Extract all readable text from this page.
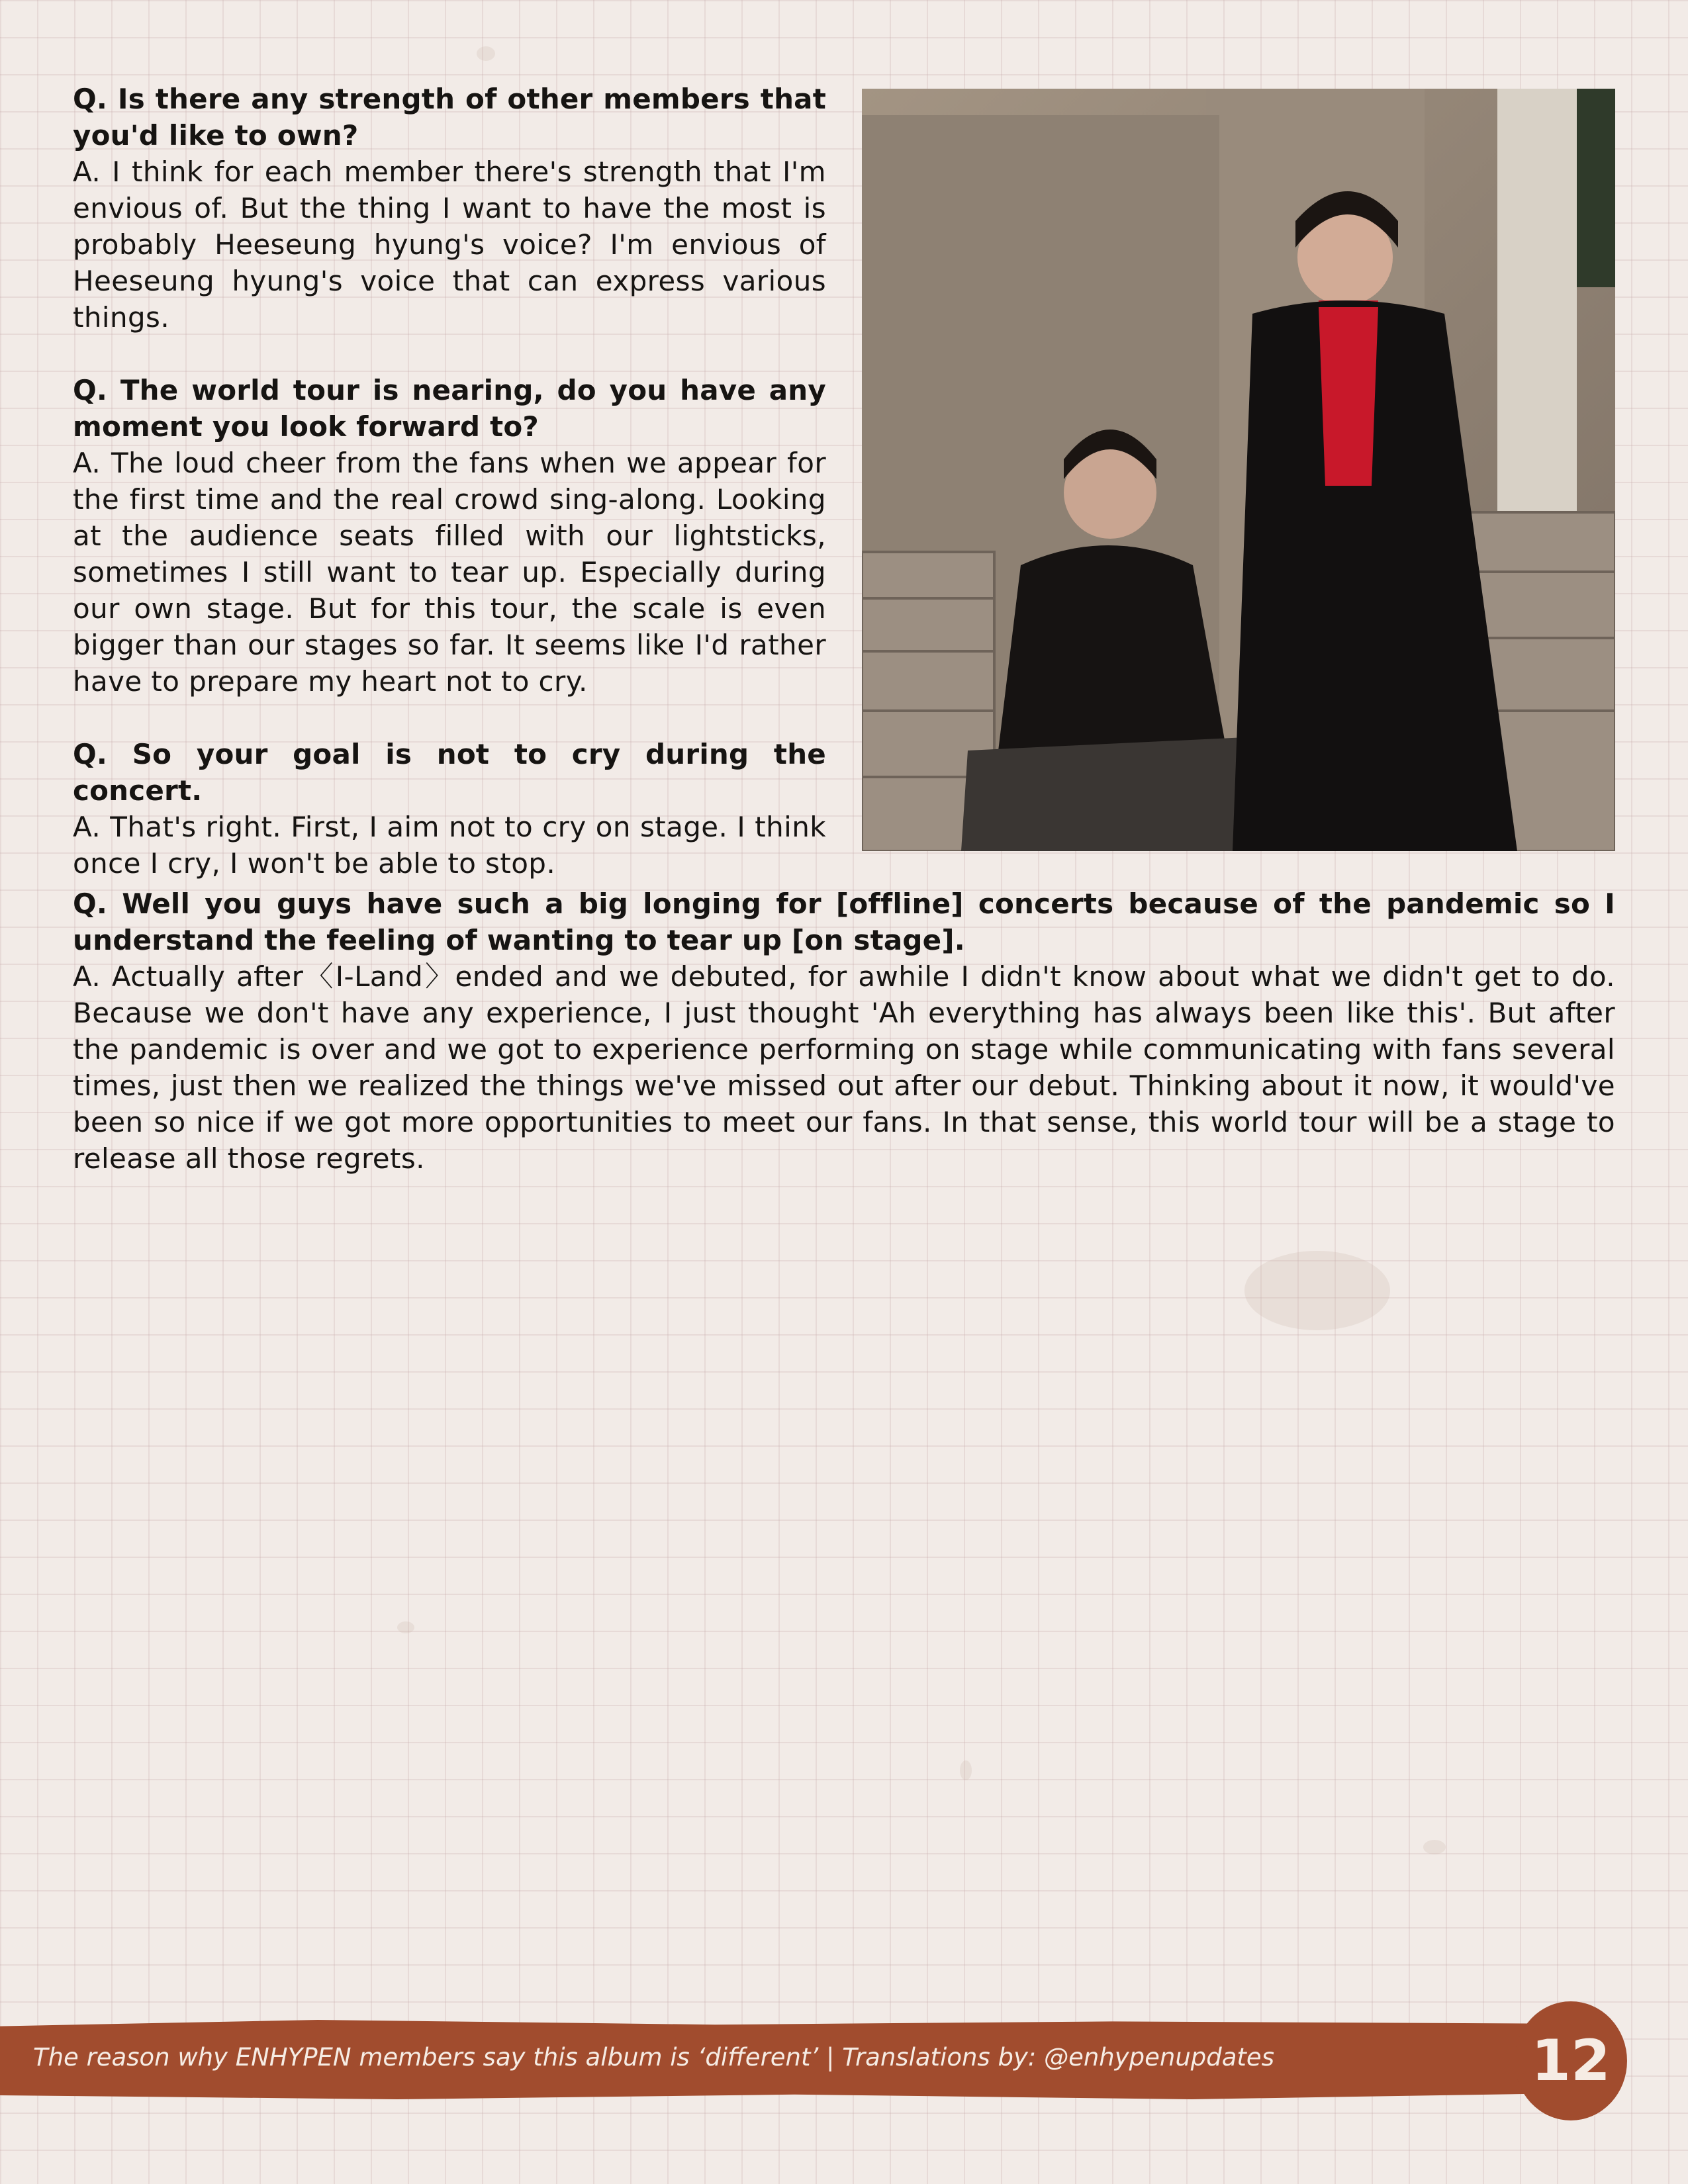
Q. Is there any strength of other members that you'd like to own?

A. I think for each member there's strength that I'm envious of. But the thing I want to have the most is probably Heeseung hyung's voice? I'm envious of Heeseung hyung's voice that can express various things.

Q. The world tour is nearing, do you have any moment you look forward to?

A. The loud cheer from the fans when we appear for the first time and the real crowd sing-along. Looking at the audience seats filled with our lightsticks, sometimes I still want to tear up. Especially during our own stage. But for this tour, the scale is even bigger than our stages so far. It seems like I'd rather have to prepare my heart not to cry.

Q. So your goal is not to cry during the concert.

A. That's right. First, I aim not to cry on stage. I think once I cry, I won't be able to stop.

Q. Well you guys have such a big longing for [offline] concerts because of the pandemic so I understand the feeling of wanting to tear up [on stage].

A. Actually after〈I-Land〉ended and we debuted, for awhile I didn't know about what we didn't get to do. Because we don't have any experience, I just thought 'Ah everything has always been like this'. But after the pandemic is over and we got to experience performing on stage while communicating with fans several times, just then we realized the things we've missed out after our debut. Thinking about it now, it would've been so nice if we got more opportunities to meet our fans. In that sense, this world tour will be a stage to release all those regrets.

The reason why ENHYPEN members say this album is ‘different’ | Translations by: @enhypenupdates	12
